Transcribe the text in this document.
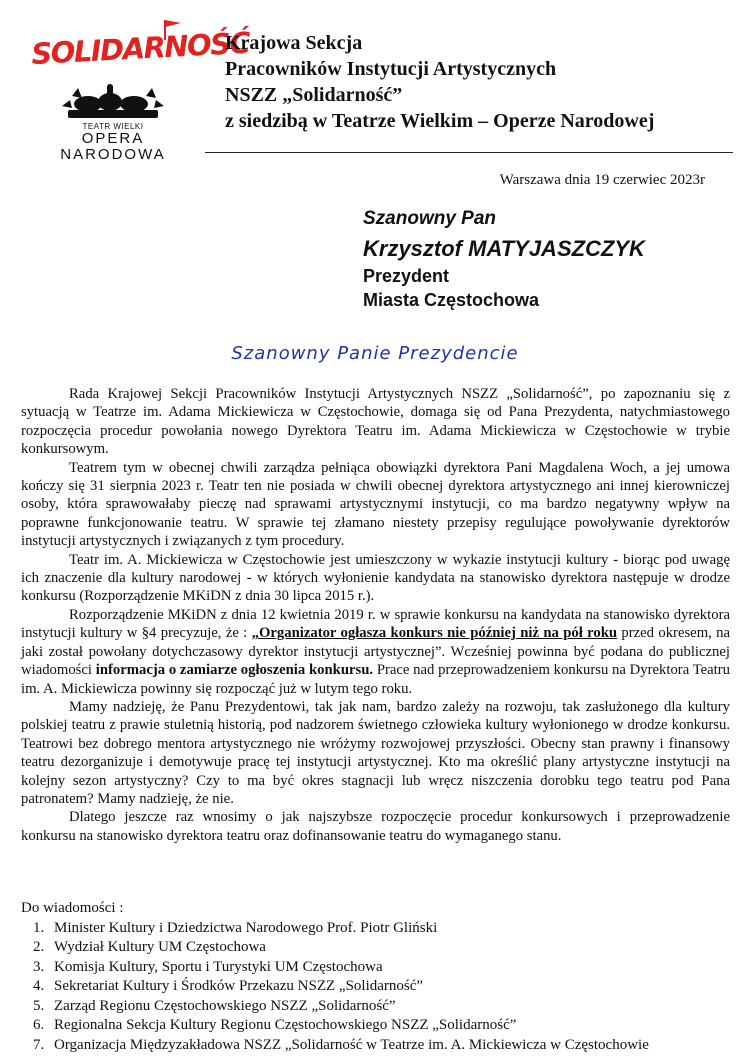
SOLIDARNOŚĆ
TEATR WIELKI
OPERA
NARODOWA
Krajowa Sekcja
Pracowników Instytucji Artystycznych
NSZZ „Solidarność”
z siedzibą w Teatrze Wielkim – Operze Narodowej
Warszawa dnia 19 czerwiec 2023r
Szanowny Pan
Krzysztof MATYJASZCZYK
Prezydent
Miasta Częstochowa
Szanowny Panie Prezydencie

Rada Krajowej Sekcji Pracowników Instytucji Artystycznych NSZZ „Solidarność”, po zapoznaniu się z sytuacją w Teatrze im. Adama Mickiewicza w Częstochowie, domaga się od Pana Prezydenta, natychmiastowego rozpoczęcia procedur powołania nowego Dyrektora Teatru im. Adama Mickiewicza w Częstochowie w trybie konkursowym.

Teatrem tym w obecnej chwili zarządza pełniąca obowiązki dyrektora Pani Magdalena Woch, a jej umowa kończy się 31 sierpnia 2023 r. Teatr ten nie posiada w chwili obecnej dyrektora artystycznego ani innej kierowniczej osoby, która sprawowałaby pieczę nad sprawami artystycznymi instytucji, co ma bardzo negatywny wpływ na poprawne funkcjonowanie teatru. W sprawie tej złamano niestety przepisy regulujące powoływanie dyrektorów instytucji artystycznych i związanych z tym procedury.

Teatr im. A. Mickiewicza w Częstochowie jest umieszczony w wykazie instytucji kultury - biorąc pod uwagę ich znaczenie dla kultury narodowej - w których wyłonienie kandydata na stanowisko dyrektora następuje w drodze konkursu (Rozporządzenie MKiDN z dnia 30 lipca 2015 r.).

Rozporządzenie MKiDN z dnia 12 kwietnia 2019 r. w sprawie konkursu na kandydata na stanowisko dyrektora instytucji kultury w §4 precyzuje, że : „Organizator ogłasza konkurs nie później niż na pół roku przed okresem, na jaki został powołany dotychczasowy dyrektor instytucji artystycznej”. Wcześniej powinna być podana do publicznej wiadomości informacja o zamiarze ogłoszenia konkursu. Prace nad przeprowadzeniem konkursu na Dyrektora Teatru im. A. Mickiewicza powinny się rozpocząć już w lutym tego roku.

Mamy nadzieję, że Panu Prezydentowi, tak jak nam, bardzo zależy na rozwoju, tak zasłużonego dla kultury polskiej teatru z prawie stuletnią historią, pod nadzorem świetnego człowieka kultury wyłonionego w drodze konkursu. Teatrowi bez dobrego mentora artystycznego nie wróżymy rozwojowej przyszłości. Obecny stan prawny i finansowy teatru dezorganizuje i demotywuje pracę tej instytucji artystycznej. Kto ma określić plany artystyczne instytucji na kolejny sezon artystyczny? Czy to ma być okres stagnacji lub wręcz niszczenia dorobku tego teatru pod Pana patronatem? Mamy nadzieję, że nie.

Dlatego jeszcze raz wnosimy o jak najszybsze rozpoczęcie procedur konkursowych i przeprowadzenie konkursu na stanowisko dyrektora teatru oraz dofinansowanie teatru do wymaganego stanu.

Do wiadomości :
1. Minister Kultury i Dziedzictwa Narodowego Prof. Piotr Gliński
2. Wydział Kultury UM Częstochowa
3. Komisja Kultury, Sportu i Turystyki UM Częstochowa
4. Sekretariat Kultury i Środków Przekazu NSZZ „Solidarność”
5. Zarząd Regionu Częstochowskiego NSZZ „Solidarność”
6. Regionalna Sekcja Kultury Regionu Częstochowskiego NSZZ „Solidarność”
7. Organizacja Międzyzakładowa NSZZ „Solidarność w Teatrze im. A. Mickiewicza w Częstochowie
